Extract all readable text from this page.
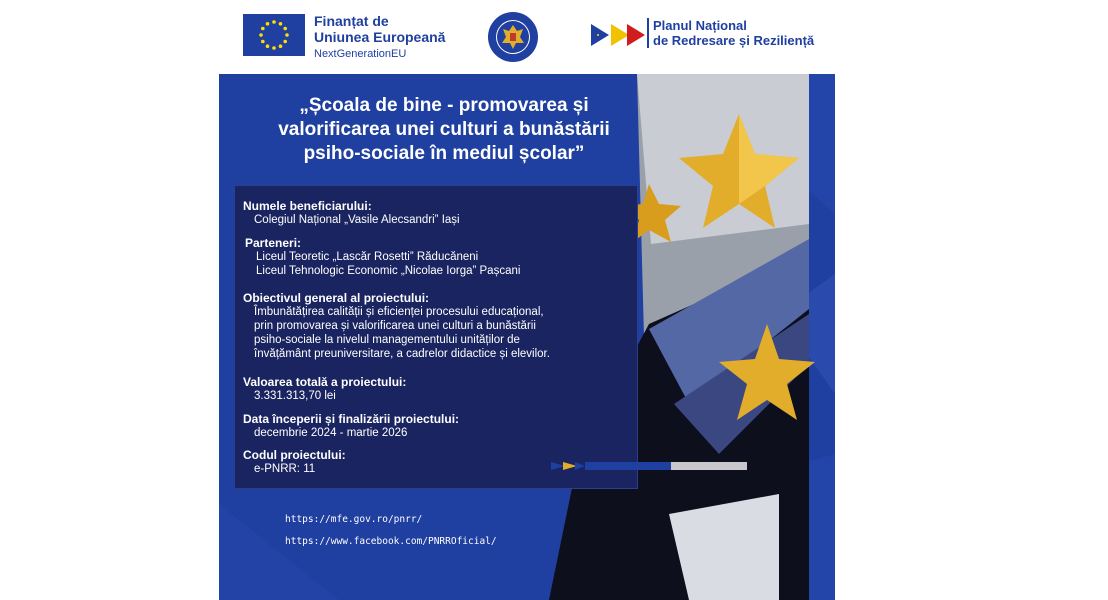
Finanțat de
Uniunea Europeană
NextGenerationEU
Planul Național
de Redresare și Reziliență
„Școala de bine - promovarea și
valorificarea unei culturi a bunăstării
psiho-sociale în mediul școlar”
Numele beneficiarului:
Colegiul Național „Vasile Alecsandri” Iași
Parteneri:
Liceul Teoretic „Lascăr Rosetti” Răducăneni
Liceul Tehnologic Economic „Nicolae Iorga” Pașcani
Obiectivul general al proiectului:
Îmbunătățirea calității și eficienței procesului educațional,
prin promovarea și valorificarea unei culturi a bunăstării
psiho-sociale la nivelul managementului unităților de
învățământ preuniversitare, a cadrelor didactice și elevilor.
Valoarea totală a proiectului:
3.331.313,70 lei
Data începerii și finalizării proiectului:
decembrie 2024 - martie 2026
Codul proiectului:
e-PNRR: 11
https://mfe.gov.ro/pnrr/
https://www.facebook.com/PNRROficial/
